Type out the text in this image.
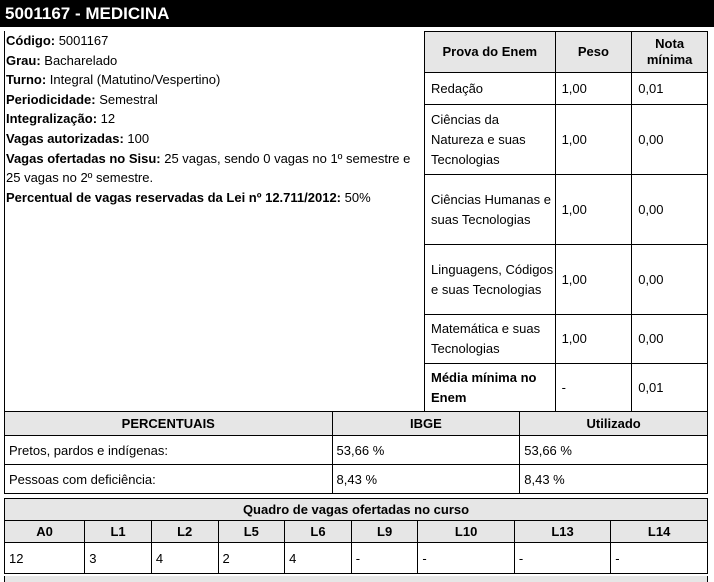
5001167 - MEDICINA

Código: 5001167

Grau: Bacharelado

Turno: Integral (Matutino/Vespertino)

Periodicidade: Semestral

Integralização: 12

Vagas autorizadas: 100

Vagas ofertadas no Sisu: 25 vagas, sendo 0 vagas no 1º semestre e 25 vagas no 2º semestre.

Percentual de vagas reservadas da Lei nº 12.711/2012: 50%

Prova do Enem	Peso	Nota mínima
Redação	1,00	0,01
Ciências da Natureza e suas Tecnologias	1,00	0,00
Ciências Humanas e suas Tecnologias	1,00	0,00
Linguagens, Códigos e suas Tecnologias	1,00	0,00
Matemática e suas Tecnologias	1,00	0,00
Média mínima no Enem	-	0,01
PERCENTUAIS	IBGE	Utilizado
Pretos, pardos e indígenas:	53,66 %	53,66 %
Pessoas com deficiência:	8,43 %	8,43 %
Quadro de vagas ofertadas no curso								
A0	L1	L2	L5	L6	L9	L10	L13	L14
12	3	4	2	4	-	-	-	-
